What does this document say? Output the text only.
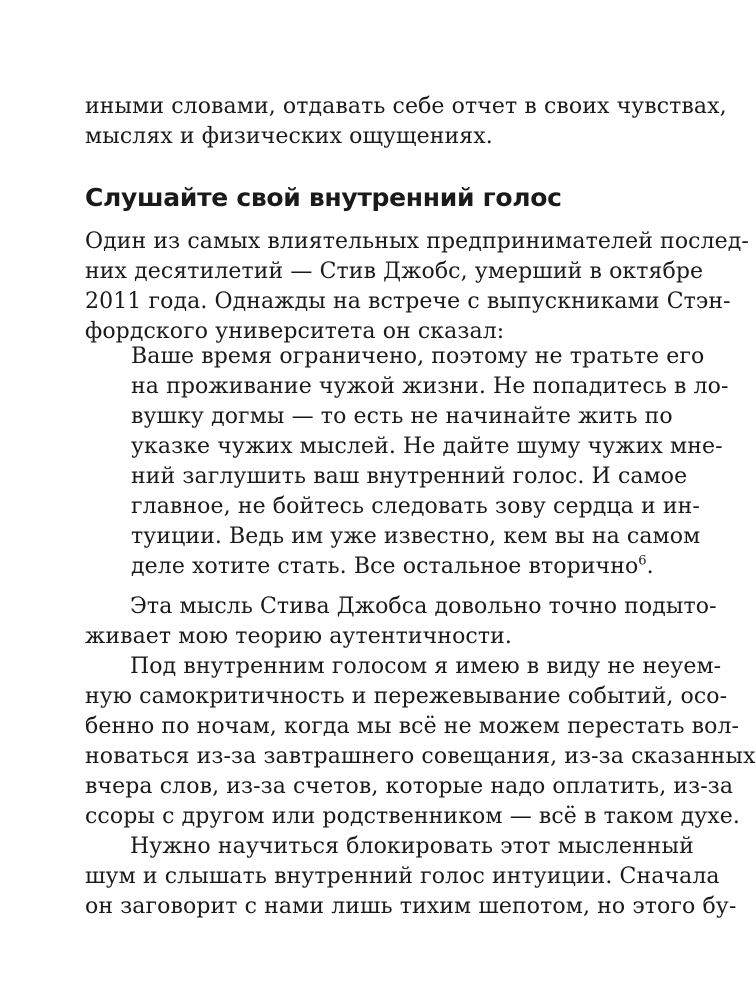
иными словами, отдавать себе отчет в своих чувствах,
мыслях и физических ощущениях.
Слушайте свой внутренний голос
Один из самых влиятельных предпринимателей послед-
них десятилетий — Стив Джобс, умерший в октябре
2011 года. Однажды на встрече с выпускниками Стэн-
фордского университета он сказал:
Ваше время ограничено, поэтому не тратьте его
на проживание чужой жизни. Не попадитесь в ло-
вушку догмы — то есть не начинайте жить по
указке чужих мыслей. Не дайте шуму чужих мне-
ний заглушить ваш внутренний голос. И самое
главное, не бойтесь следовать зову сердца и ин-
туиции. Ведь им уже известно, кем вы на самом
деле хотите стать. Все остальное вторично$^6$.
Эта мысль Стива Джобса довольно точно подыто-
живает мою теорию аутентичности.
Под внутренним голосом я имею в виду не неуем-
ную самокритичность и пережевывание событий, осо-
бенно по ночам, когда мы всё не можем перестать вол-
новаться из-за завтрашнего совещания, из-за сказанных
вчера слов, из-за счетов, которые надо оплатить, из-за
ссоры с другом или родственником — всё в таком духе.
Нужно научиться блокировать этот мысленный
шум и слышать внутренний голос интуиции. Сначала
он заговорит с нами лишь тихим шепотом, но этого бу-
